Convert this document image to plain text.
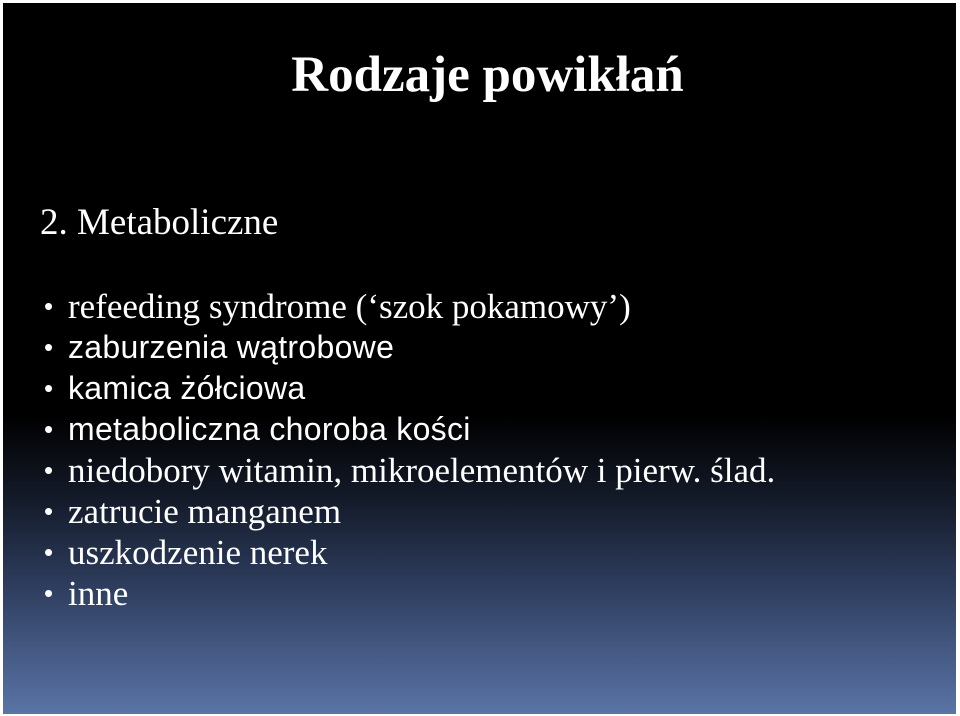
Rodzaje powikłań
2. Metaboliczne
• refeeding syndrome (‘szok pokamowy’)
• zaburzenia wątrobowe
• kamica żółciowa
• metaboliczna choroba kości
• niedobory witamin, mikroelementów i pierw. ślad.
• zatrucie manganem
• uszkodzenie nerek
• inne
